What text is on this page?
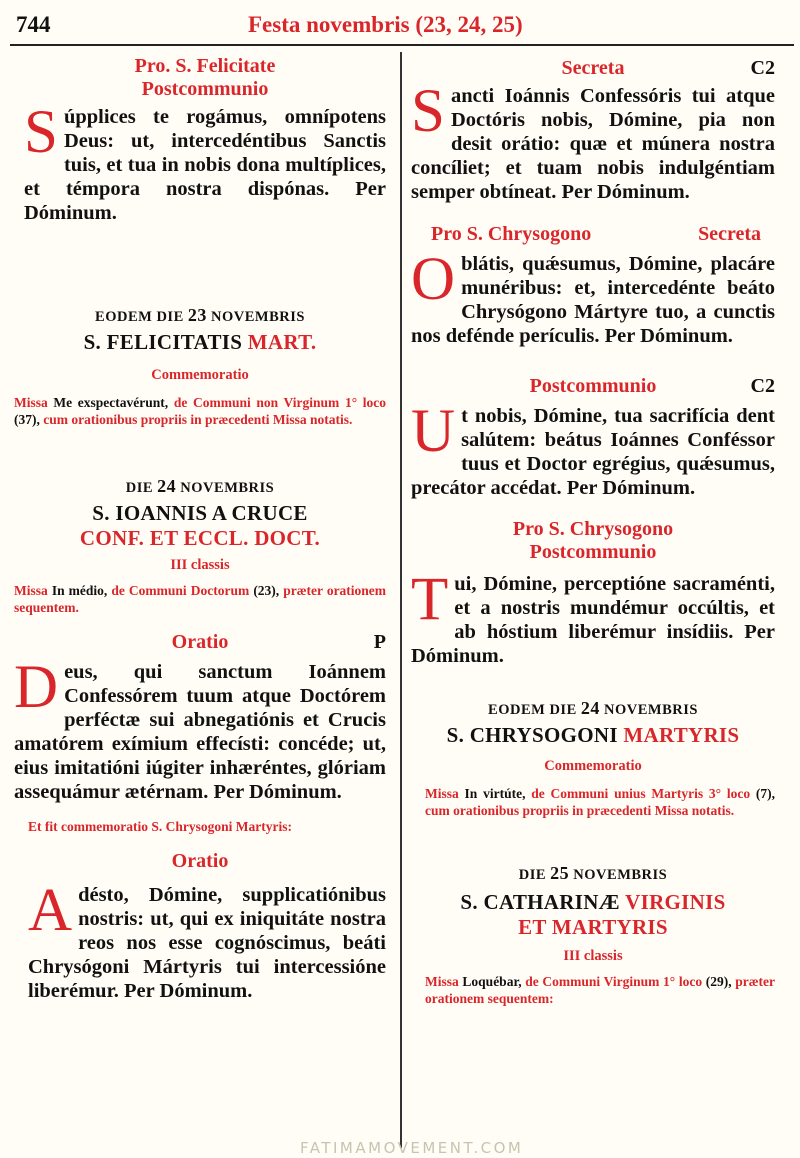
744	Festa novembris (23, 24, 25)

Pro. S. Felicitate

Postcommunio

Súpplices te rogámus, omnípotens Deus: ut, intercedéntibus Sanctis tuis, et tua in nobis dona multíplices, et témpora nostra dispónas. Per Dóminum.

EODEM DIE 23 NOVEMBRIS

S. FELICITATIS MART.

Commemoratio

Missa Me exspectavérunt, de Communi non Virginum 1° loco (37), cum orationibus propriis in præcedenti Missa notatis.

DIE 24 NOVEMBRIS

S. IOANNIS A CRUCE

CONF. ET ECCL. DOCT.

III classis

Missa In médio, de Communi Doctorum (23), præter orationem sequentem.

Oratio	P

Deus, qui sanctum Ioánnem Confessórem tuum atque Doctórem perféctæ sui abnegatiónis et Crucis amatórem exímium effecísti: concéde; ut, eius imitatióni iúgiter inhæréntes, glóriam assequámur ætérnam. Per Dóminum.

Et fit commemoratio S. Chrysogoni Martyris:

Oratio

Adésto, Dómine, supplicatiónibus nostris: ut, qui ex iniquitáte nostra reos nos esse cognóscimus, beáti Chrysógoni Mártyris tui intercessióne liberémur. Per Dóminum.

Secreta	C2

Sancti Ioánnis Confessóris tui atque Doctóris nobis, Dómine, pia non desit orátio: quæ et múnera nostra concíliet; et tuam nobis indulgéntiam semper obtíneat. Per Dóminum.

Pro S. Chrysogono	Secreta

Oblátis, quǽsumus, Dómine, placáre munéribus: et, intercedénte beáto Chrysógono Mártyre tuo, a cunctis nos defénde perículis. Per Dóminum.

Postcommunio	C2

Ut nobis, Dómine, tua sacrifícia dent salútem: beátus Ioánnes Conféssor tuus et Doctor egrégius, quǽsumus, precátor accédat. Per Dóminum.

Pro S. Chrysogono

Postcommunio

Tui, Dómine, perceptióne sacraménti, et a nostris mundémur occúltis, et ab hóstium liberémur insídiis. Per Dóminum.

EODEM DIE 24 NOVEMBRIS

S. CHRYSOGONI MARTYRIS

Commemoratio

Missa In virtúte, de Communi unius Martyris 3° loco (7), cum orationibus propriis in præcedenti Missa notatis.

DIE 25 NOVEMBRIS

S. CATHARINÆ VIRGINIS

ET MARTYRIS

III classis

Missa Loquébar, de Communi Virginum 1° loco (29), præter orationem sequentem:

FATIMAMOVEMENT.COM
